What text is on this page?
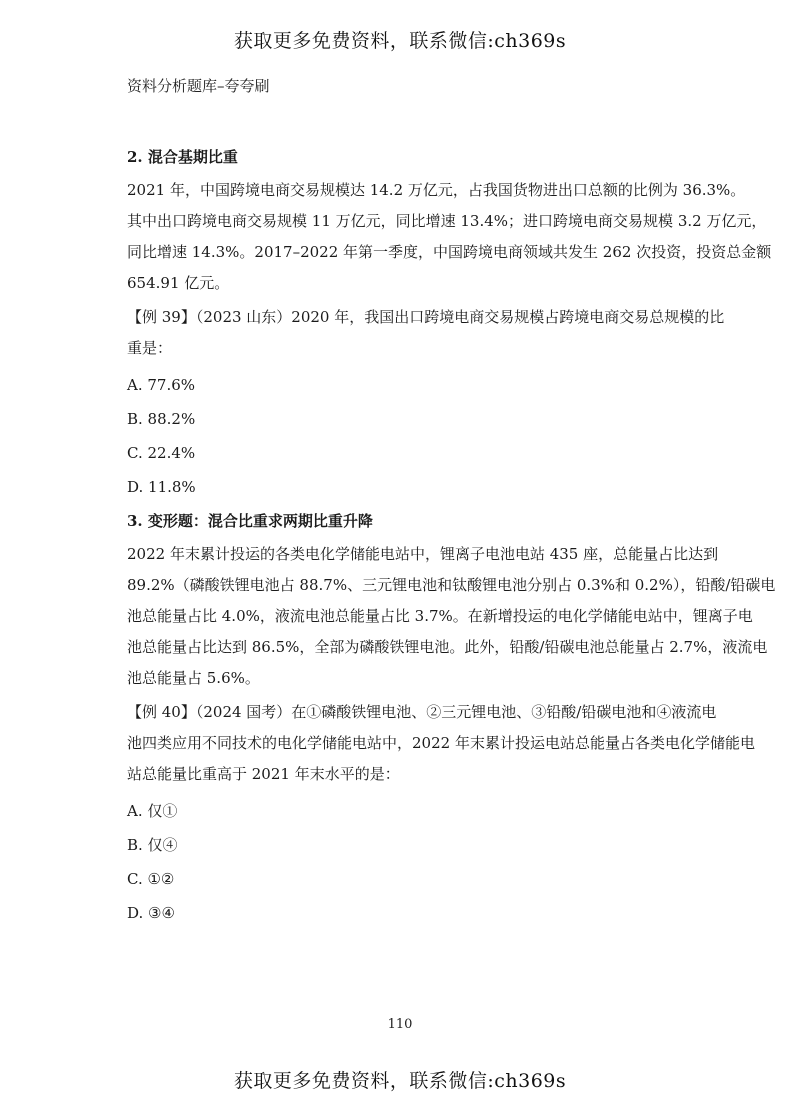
获取更多免费资料，联系微信:ch369s
资料分析题库–夸夸刷
2. 混合基期比重
2021 年，中国跨境电商交易规模达 14.2 万亿元，占我国货物进出口总额的比例为 36.3%。
其中出口跨境电商交易规模 11 万亿元，同比增速 13.4%；进口跨境电商交易规模 3.2 万亿元，
同比增速 14.3%。2017–2022 年第一季度，中国跨境电商领域共发生 262 次投资，投资总金额
654.91 亿元。
【例 39】（2023 山东）2020 年，我国出口跨境电商交易规模占跨境电商交易总规模的比
重是：
A. 77.6%
B. 88.2%
C. 22.4%
D. 11.8%
3. 变形题：混合比重求两期比重升降
2022 年末累计投运的各类电化学储能电站中，锂离子电池电站 435 座，总能量占比达到
89.2%（磷酸铁锂电池占 88.7%、三元锂电池和钛酸锂电池分别占 0.3%和 0.2%），铅酸/铅碳电
池总能量占比 4.0%，液流电池总能量占比 3.7%。在新增投运的电化学储能电站中，锂离子电
池总能量占比达到 86.5%，全部为磷酸铁锂电池。此外，铅酸/铅碳电池总能量占 2.7%，液流电
池总能量占 5.6%。
【例 40】（2024 国考）在①磷酸铁锂电池、②三元锂电池、③铅酸/铅碳电池和④液流电
池四类应用不同技术的电化学储能电站中，2022 年末累计投运电站总能量占各类电化学储能电
站总能量比重高于 2021 年末水平的是：
A. 仅①
B. 仅④
C. ①②
D. ③④
110
获取更多免费资料，联系微信:ch369s
